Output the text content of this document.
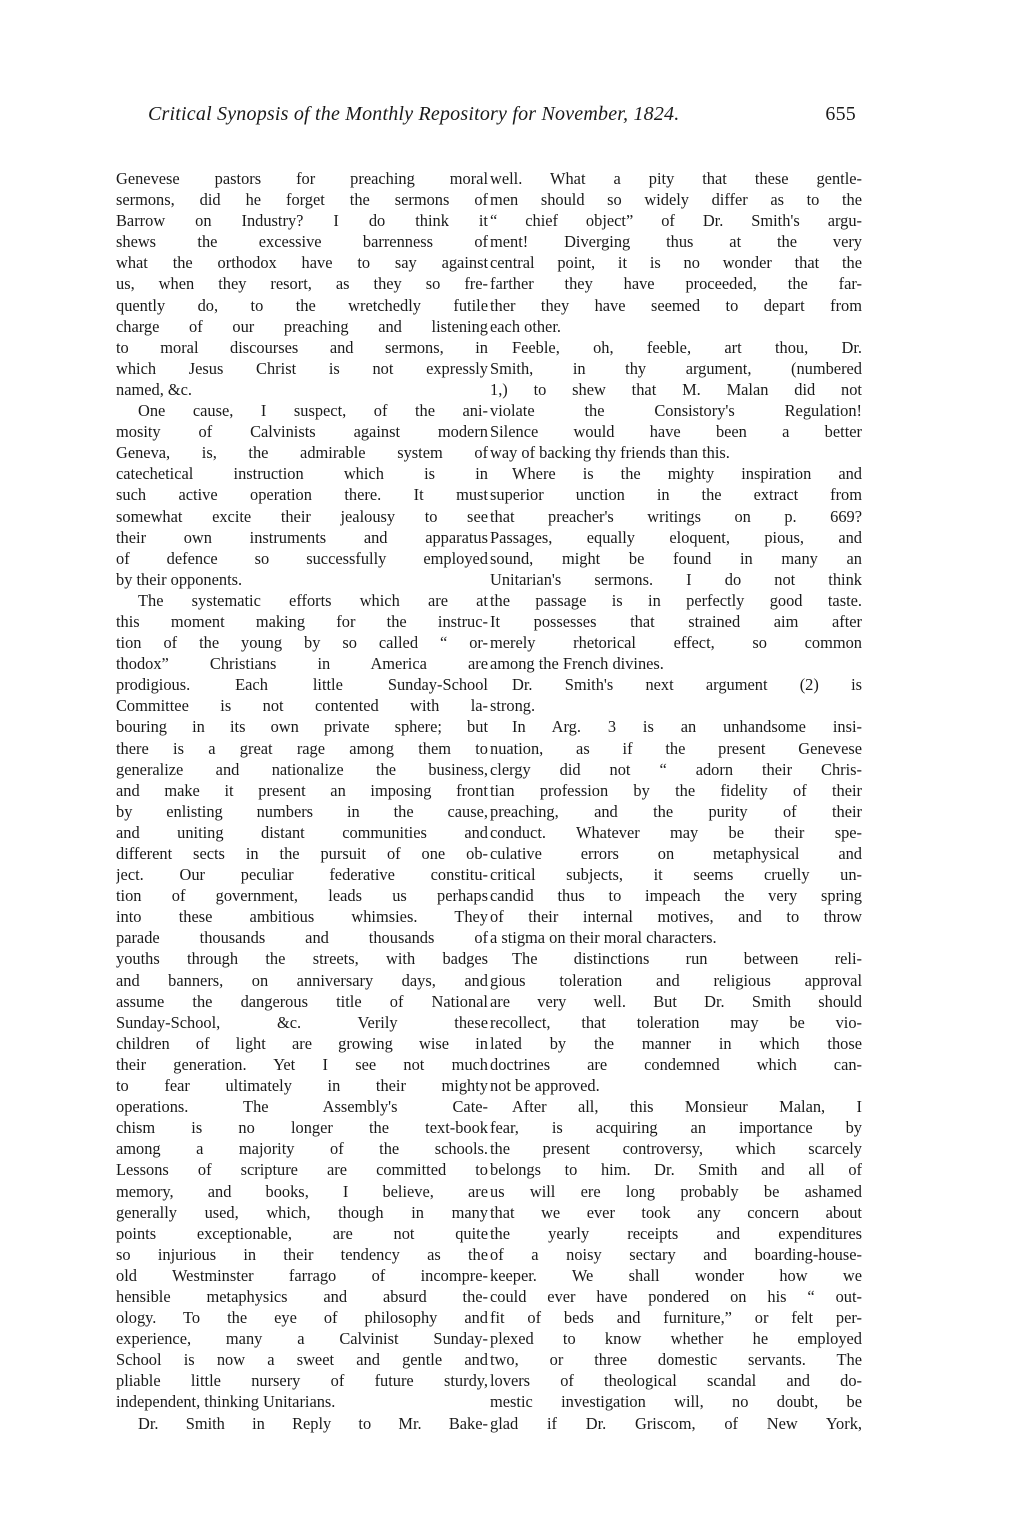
Critical Synopsis of the Monthly Repository for November, 1824.	655
Genevese pastors for preaching moral
sermons, did he forget the sermons of
Barrow on Industry? I do think it
shews the excessive barrenness of
what the orthodox have to say against
us, when they resort, as they so fre-
quently do, to the wretchedly futile
charge of our preaching and listening
to moral discourses and sermons, in
which Jesus Christ is not expressly
named, &c.
One cause, I suspect, of the ani-
mosity of Calvinists against modern
Geneva, is, the admirable system of
catechetical instruction which is in
such active operation there. It must
somewhat excite their jealousy to see
their own instruments and apparatus
of defence so successfully employed
by their opponents.
The systematic efforts which are at
this moment making for the instruc-
tion of the young by so called “ or-
thodox” Christians in America are
prodigious. Each little Sunday-School
Committee is not contented with la-
bouring in its own private sphere; but
there is a great rage among them to
generalize and nationalize the business,
and make it present an imposing front
by enlisting numbers in the cause,
and uniting distant communities and
different sects in the pursuit of one ob-
ject. Our peculiar federative constitu-
tion of government, leads us perhaps
into these ambitious whimsies. They
parade thousands and thousands of
youths through the streets, with badges
and banners, on anniversary days, and
assume the dangerous title of National
Sunday-School, &c. Verily these
children of light are growing wise in
their generation. Yet I see not much
to fear ultimately in their mighty
operations. The Assembly's Cate-
chism is no longer the text-book
among a majority of the schools.
Lessons of scripture are committed to
memory, and books, I believe, are
generally used, which, though in many
points exceptionable, are not quite
so injurious in their tendency as the
old Westminster farrago of incompre-
hensible metaphysics and absurd the-
ology. To the eye of philosophy and
experience, many a Calvinist Sunday-
School is now a sweet and gentle and
pliable little nursery of future sturdy,
independent, thinking Unitarians.
Dr. Smith in Reply to Mr. Bake-
well. What a pity that these gentle-
men should so widely differ as to the
“ chief object” of Dr. Smith's argu-
ment! Diverging thus at the very
central point, it is no wonder that the
farther they have proceeded, the far-
ther they have seemed to depart from
each other.
Feeble, oh, feeble, art thou, Dr.
Smith, in thy argument, (numbered
1,) to shew that M. Malan did not
violate the Consistory's Regulation!
Silence would have been a better
way of backing thy friends than this.
Where is the mighty inspiration and
superior unction in the extract from
that preacher's writings on p. 669?
Passages, equally eloquent, pious, and
sound, might be found in many an
Unitarian's sermons. I do not think
the passage is in perfectly good taste.
It possesses that strained aim after
merely rhetorical effect, so common
among the French divines.
Dr. Smith's next argument (2) is
strong.
In Arg. 3 is an unhandsome insi-
nuation, as if the present Genevese
clergy did not “ adorn their Chris-
tian profession by the fidelity of their
preaching, and the purity of their
conduct. Whatever may be their spe-
culative errors on metaphysical and
critical subjects, it seems cruelly un-
candid thus to impeach the very spring
of their internal motives, and to throw
a stigma on their moral characters.
The distinctions run between reli-
gious toleration and religious approval
are very well. But Dr. Smith should
recollect, that toleration may be vio-
lated by the manner in which those
doctrines are condemned which can-
not be approved.
After all, this Monsieur Malan, I
fear, is acquiring an importance by
the present controversy, which scarcely
belongs to him. Dr. Smith and all of
us will ere long probably be ashamed
that we ever took any concern about
the yearly receipts and expenditures
of a noisy sectary and boarding-house-
keeper. We shall wonder how we
could ever have pondered on his “ out-
fit of beds and furniture,” or felt per-
plexed to know whether he employed
two, or three domestic servants. The
lovers of theological scandal and do-
mestic investigation will, no doubt, be
glad if Dr. Griscom, of New York,
